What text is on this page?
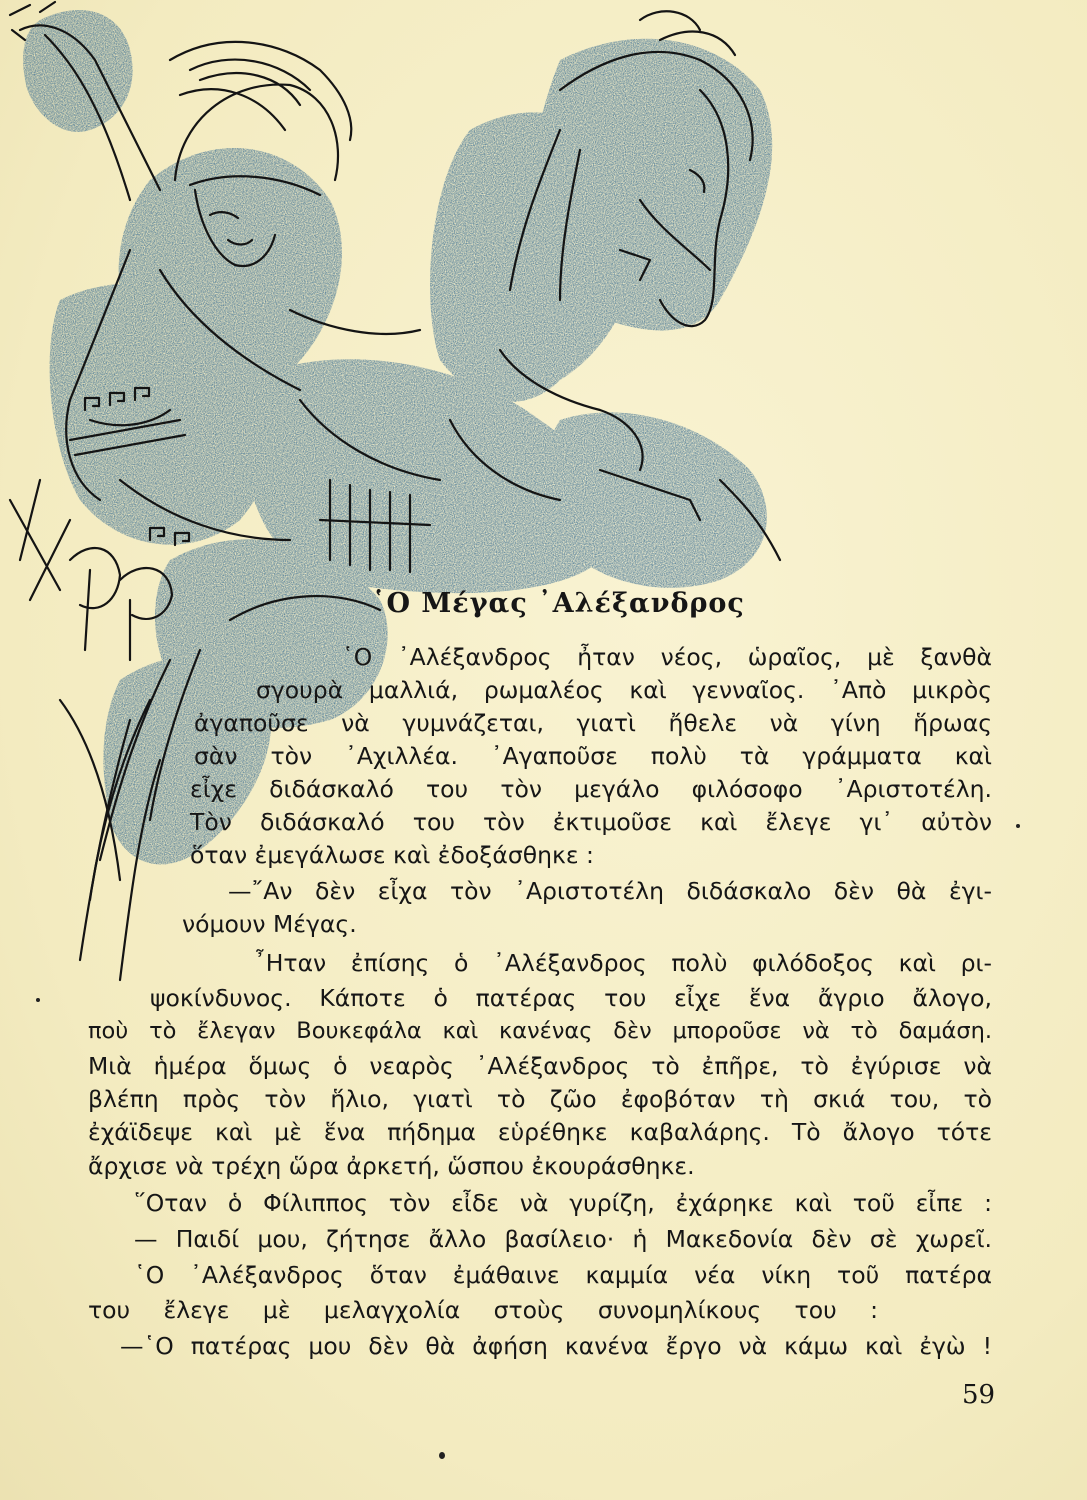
῾Ο Μέγας ᾿Αλέξανδρος
῾Ο ᾿Αλέξανδρος ἦταν νέος, ὡραῖος, μὲ ξανθὰ
σγουρὰ μαλλιά, ρωμαλέος καὶ γενναῖος. ᾿Απὸ μικρὸς
ἀγαποῦσε νὰ γυμνάζεται, γιατὶ ἤθελε νὰ γίνη ἥρωας
σὰν τὸν ᾿Αχιλλέα. ᾿Αγαποῦσε πολὺ τὰ γράμματα καὶ
εἶχε διδάσκαλό του τὸν μεγάλο φιλόσοφο ᾿Αριστοτέλη.
Τὸν διδάσκαλό του τὸν ἐκτιμοῦσε καὶ ἔλεγε γι᾿ αὐτὸν
ὅταν ἐμεγάλωσε καὶ ἐδοξάσθηκε :
—῎Αν δὲν εἶχα τὸν ᾿Αριστοτέλη διδάσκαλο δὲν θὰ ἐγι-
νόμουν Μέγας.
῏Ηταν ἐπίσης ὁ ᾿Αλέξανδρος πολὺ φιλόδοξος καὶ ρι-
ψοκίνδυνος. Κάποτε ὁ πατέρας του εἶχε ἕνα ἄγριο ἄλογο,
ποὺ τὸ ἔλεγαν Βουκεφάλα καὶ κανένας δὲν μποροῦσε νὰ τὸ δαμάση.
Μιὰ ἡμέρα ὅμως ὁ νεαρὸς ᾿Αλέξανδρος τὸ ἐπῆρε, τὸ ἐγύρισε νὰ
βλέπη πρὸς τὸν ἥλιο, γιατὶ τὸ ζῶο ἐφοβόταν τὴ σκιά του, τὸ
ἐχάϊδεψε καὶ μὲ ἕνα πήδημα εὑρέθηκε καβαλάρης. Τὸ ἄλογο τότε
ἄρχισε νὰ τρέχη ὥρα ἀρκετή, ὥσπου ἐκουράσθηκε.
῞Οταν ὁ Φίλιππος τὸν εἶδε νὰ γυρίζη, ἐχάρηκε καὶ τοῦ εἶπε :
— Παιδί μου, ζήτησε ἄλλο βασίλειο· ἡ Μακεδονία δὲν σὲ χωρεῖ.
῾Ο ᾿Αλέξανδρος ὅταν ἐμάθαινε καμμία νέα νίκη τοῦ πατέρα
του ἔλεγε μὲ μελαγχολία στοὺς συνομηλίκους του :
—῾Ο πατέρας μου δὲν θὰ ἀφήση κανένα ἔργο νὰ κάμω καὶ ἐγὼ !
59
